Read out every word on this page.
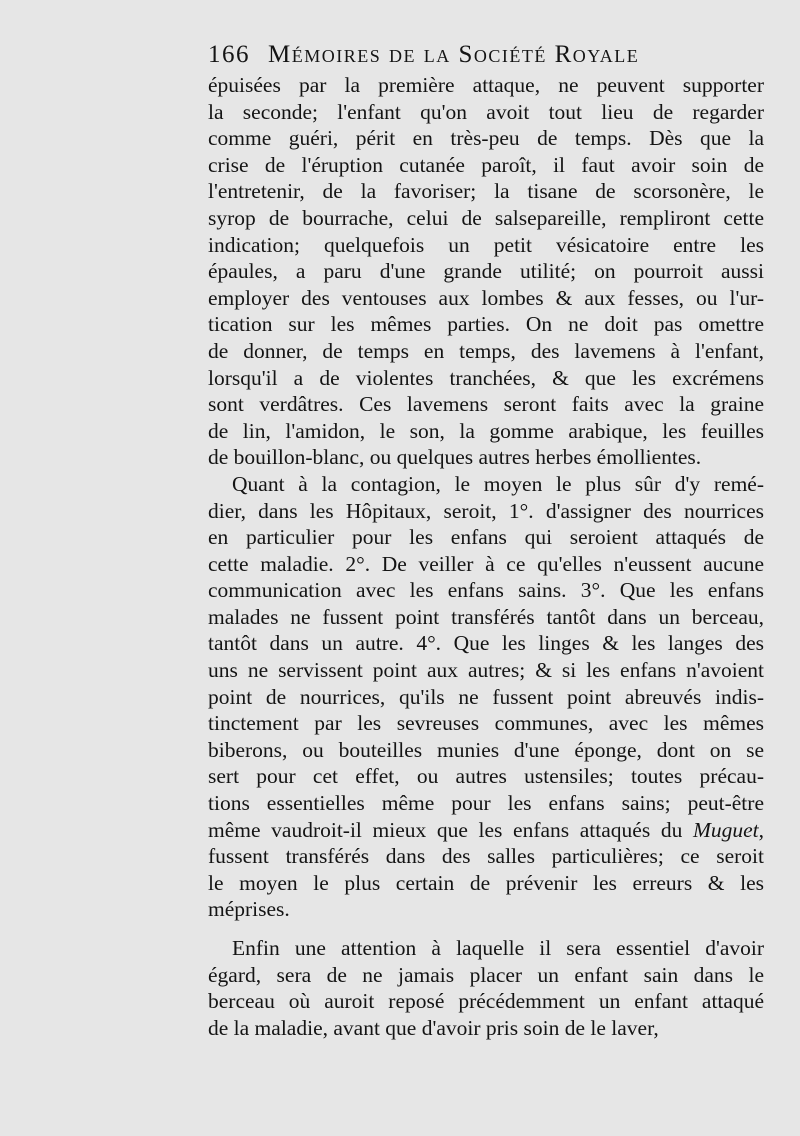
166 Mémoires de la Société Royale
épuisées par la première attaque, ne peuvent supporter
la seconde; l'enfant qu'on avoit tout lieu de regarder
comme guéri, périt en très-peu de temps. Dès que la
crise de l'éruption cutanée paroît, il faut avoir soin de
l'entretenir, de la favoriser; la tisane de scorsonère, le
syrop de bourrache, celui de salsepareille, rempliront cette
indication; quelquefois un petit vésicatoire entre les
épaules, a paru d'une grande utilité; on pourroit aussi
employer des ventouses aux lombes & aux fesses, ou l'ur-
tication sur les mêmes parties. On ne doit pas omettre
de donner, de temps en temps, des lavemens à l'enfant,
lorsqu'il a de violentes tranchées, & que les excrémens
sont verdâtres. Ces lavemens seront faits avec la graine
de lin, l'amidon, le son, la gomme arabique, les feuilles
de bouillon-blanc, ou quelques autres herbes émollientes.
Quant à la contagion, le moyen le plus sûr d'y remé-
dier, dans les Hôpitaux, seroit, 1°. d'assigner des nourrices
en particulier pour les enfans qui seroient attaqués de
cette maladie. 2°. De veiller à ce qu'elles n'eussent aucune
communication avec les enfans sains. 3°. Que les enfans
malades ne fussent point transférés tantôt dans un berceau,
tantôt dans un autre. 4°. Que les linges & les langes des
uns ne servissent point aux autres; & si les enfans n'avoient
point de nourrices, qu'ils ne fussent point abreuvés indis-
tinctement par les sevreuses communes, avec les mêmes
biberons, ou bouteilles munies d'une éponge, dont on se
sert pour cet effet, ou autres ustensiles; toutes précau-
tions essentielles même pour les enfans sains; peut-être
même vaudroit-il mieux que les enfans attaqués du Muguet,
fussent transférés dans des salles particulières; ce seroit
le moyen le plus certain de prévenir les erreurs & les
méprises.
Enfin une attention à laquelle il sera essentiel d'avoir
égard, sera de ne jamais placer un enfant sain dans le
berceau où auroit reposé précédemment un enfant attaqué
de la maladie, avant que d'avoir pris soin de le laver,
